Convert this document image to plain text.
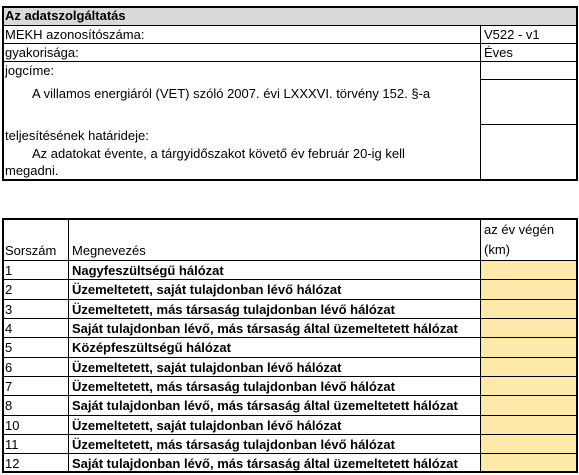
Az adatszolgáltatás
MEKH azonosítószáma:	V522 - v1
gyakorisága:	Éves
jogcíme:
A villamos energiáról (VET) szóló 2007. évi LXXXVI. törvény 152. §-a
teljesítésének határideje:
Az adatokat évente, a tárgyidőszakot követő év február 20-ig kell
megadni.
Sorszám Megnevezés
az év végén
(km)
1	Nagyfeszültségű hálózat
2	Üzemeltetett, saját tulajdonban lévő hálózat
3	Üzemeltetett, más társaság tulajdonban lévő hálózat
4	Saját tulajdonban lévő, más társaság által üzemeltetett hálózat
5	Középfeszültségű hálózat
6	Üzemeltetett, saját tulajdonban lévő hálózat
7	Üzemeltetett, más társaság tulajdonban lévő hálózat
8	Saját tulajdonban lévő, más társaság által üzemeltetett hálózat
10	Üzemeltetett, saját tulajdonban lévő hálózat
11	Üzemeltetett, más társaság tulajdonban lévő hálózat
12	Saját tulajdonban lévő, más társaság által üzemeltetett hálózat
